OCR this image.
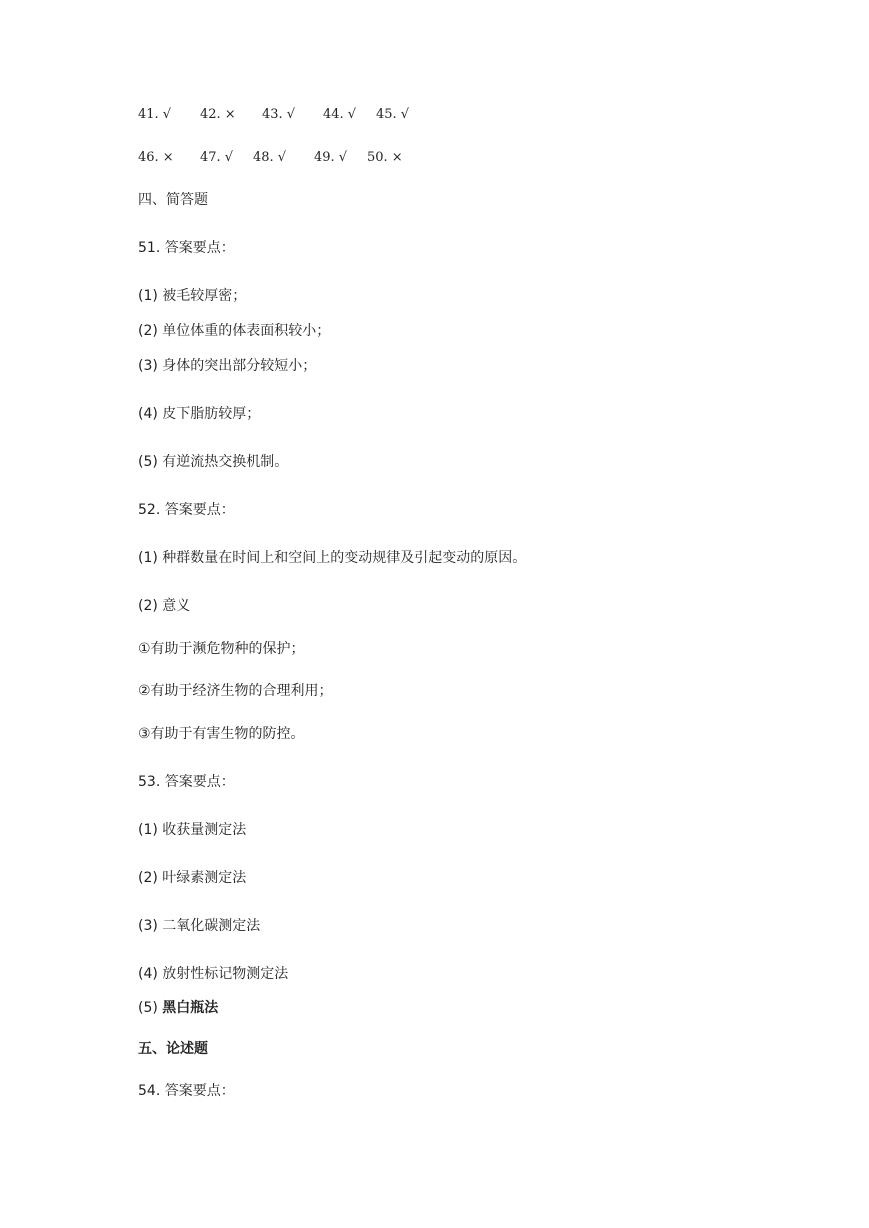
41. √ 42. × 43. √ 44. √ 45. √
46. × 47. √ 48. √ 49. √ 50. ×
四、简答题
51. 答案要点：
(1) 被毛较厚密；
(2) 单位体重的体表面积较小；
(3) 身体的突出部分较短小；
(4) 皮下脂肪较厚；
(5) 有逆流热交换机制。
52. 答案要点：
(1) 种群数量在时间上和空间上的变动规律及引起变动的原因。
(2) 意义
①有助于濒危物种的保护；
②有助于经济生物的合理利用；
③有助于有害生物的防控。
53. 答案要点：
(1) 收获量测定法
(2) 叶绿素测定法
(3) 二氧化碳测定法
(4) 放射性标记物测定法
(5) 黑白瓶法
五、论述题
54. 答案要点：
